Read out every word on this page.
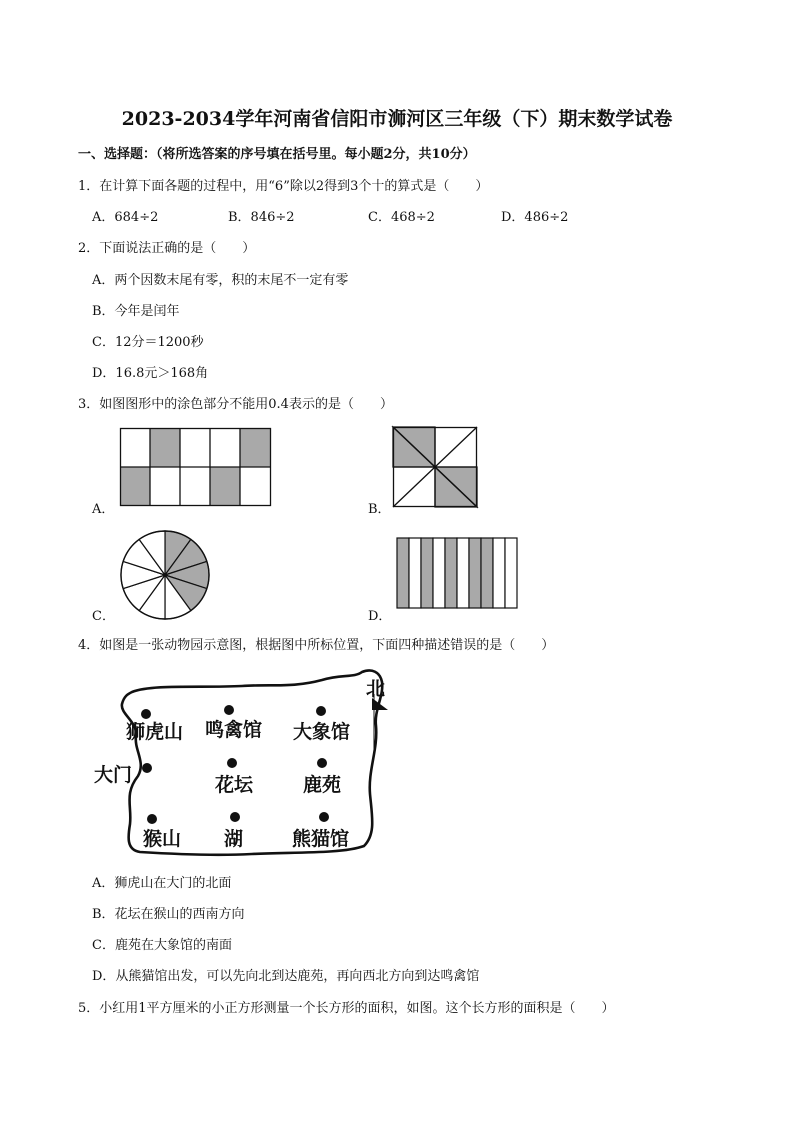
2023-2034学年河南省信阳市浉河区三年级（下）期末数学试卷
一、选择题：（将所选答案的序号填在括号里。每小题2分，共10分）
1．在计算下面各题的过程中，用“6”除以2得到3个十的算式是（　　）
A．684÷2	B．846÷2	C．468÷2	D．486÷2
2．下面说法正确的是（　　）
A．两个因数末尾有零，积的末尾不一定有零
B．今年是闰年
C．12分＝1200秒
D．16.8元＞168角
3．如图图形中的涂色部分不能用0.4表示的是（　　）
A．	B．
C．	D．
4．如图是一张动物园示意图，根据图中所标位置，下面四种描述错误的是（　　）
北
狮虎山 鸣禽馆 大象馆
大门	花坛	鹿苑
猴山 湖	熊猫馆
A．狮虎山在大门的北面
B．花坛在猴山的西南方向
C．鹿苑在大象馆的南面
D．从熊猫馆出发，可以先向北到达鹿苑，再向西北方向到达鸣禽馆
5．小红用1平方厘米的小正方形测量一个长方形的面积，如图。这个长方形的面积是（　　）
